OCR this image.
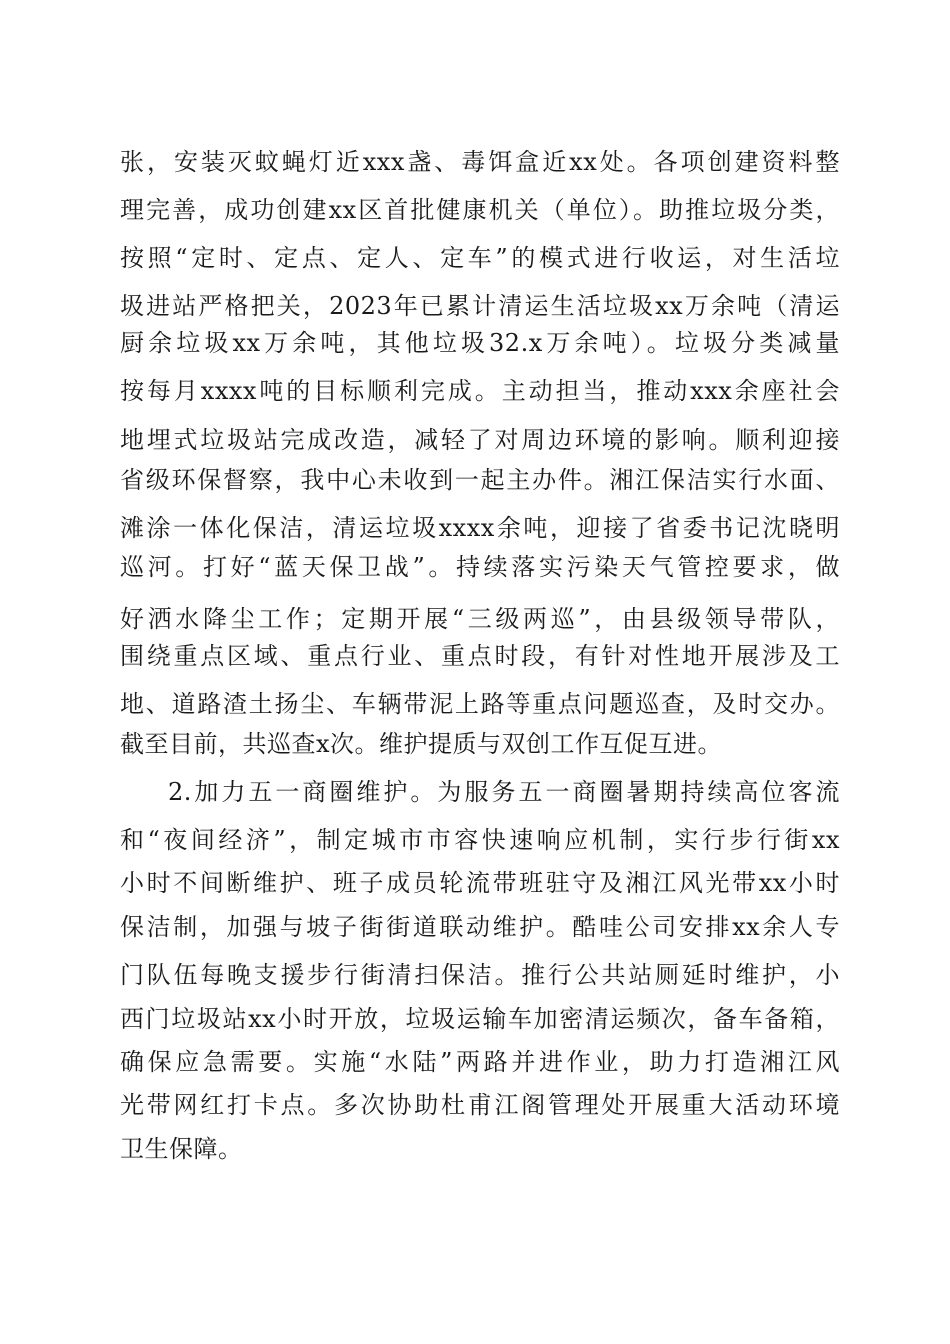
张，安装灭蚊蝇灯近xxx盏、毒饵盒近xx处。各项创建资料整
理完善，成功创建xx区首批健康机关（单位）。助推垃圾分类，
按照“定时、定点、定人、定车”的模式进行收运，对生活垃
圾进站严格把关，2023年已累计清运生活垃圾xx万余吨（清运
厨余垃圾xx万余吨，其他垃圾32.x万余吨）。垃圾分类减量
按每月xxxx吨的目标顺利完成。主动担当，推动xxx余座社会
地埋式垃圾站完成改造，减轻了对周边环境的影响。顺利迎接
省级环保督察，我中心未收到一起主办件。湘江保洁实行水面、
滩涂一体化保洁，清运垃圾xxxx余吨，迎接了省委书记沈晓明
巡河。打好“蓝天保卫战”。持续落实污染天气管控要求，做
好洒水降尘工作；定期开展“三级两巡”，由县级领导带队，
围绕重点区域、重点行业、重点时段，有针对性地开展涉及工
地、道路渣土扬尘、车辆带泥上路等重点问题巡查，及时交办。
截至目前，共巡查x次。维护提质与双创工作互促互进。
2.加力五一商圈维护。为服务五一商圈暑期持续高位客流
和“夜间经济”，制定城市市容快速响应机制，实行步行街xx
小时不间断维护、班子成员轮流带班驻守及湘江风光带xx小时
保洁制，加强与坡子街街道联动维护。酷哇公司安排xx余人专
门队伍每晚支援步行街清扫保洁。推行公共站厕延时维护，小
西门垃圾站xx小时开放，垃圾运输车加密清运频次，备车备箱，
确保应急需要。实施“水陆”两路并进作业，助力打造湘江风
光带网红打卡点。多次协助杜甫江阁管理处开展重大活动环境
卫生保障。
